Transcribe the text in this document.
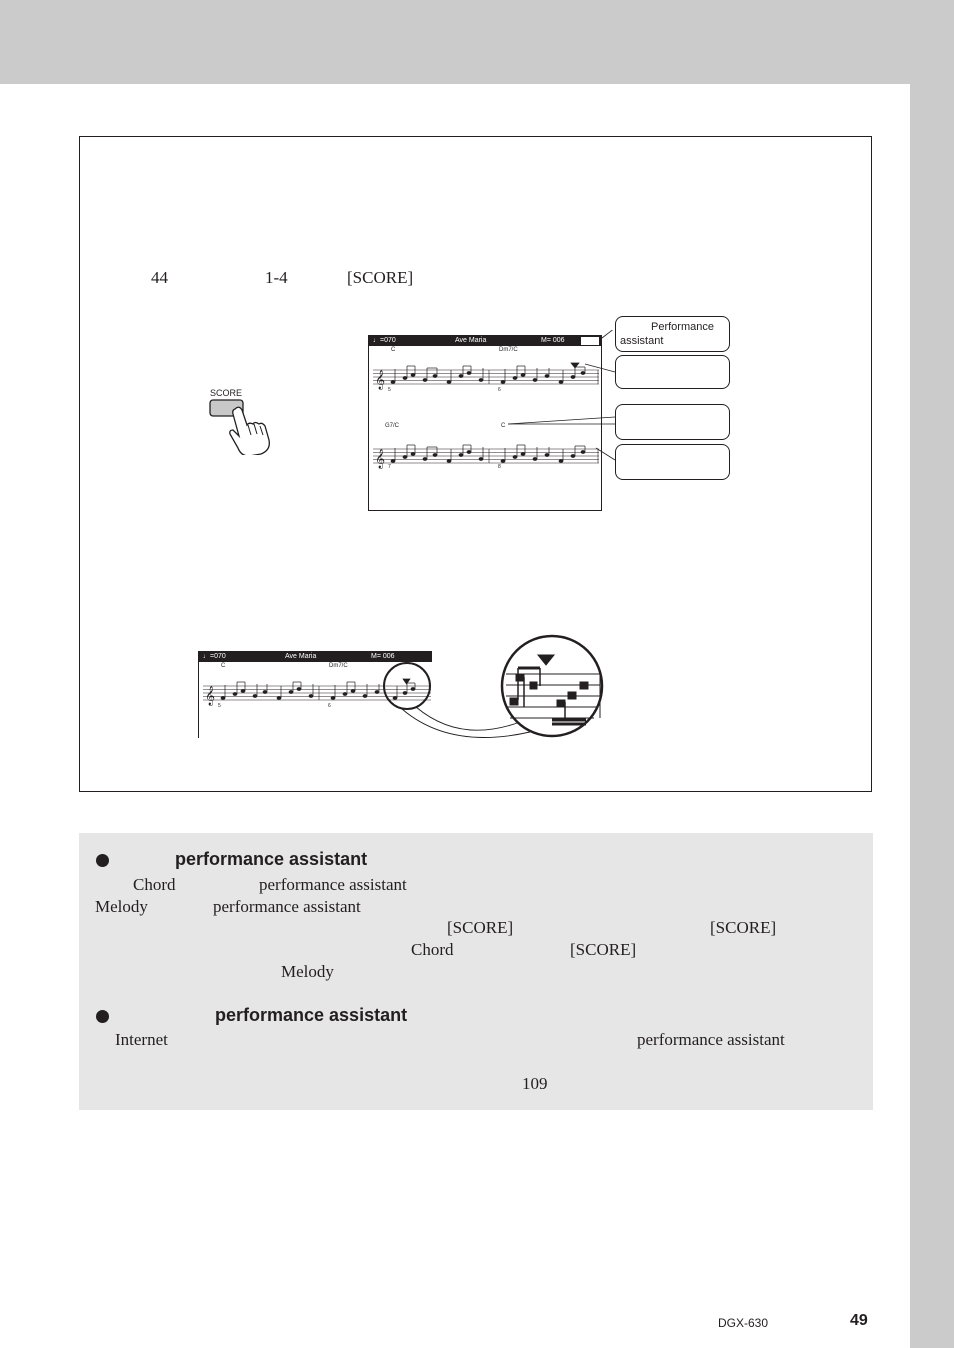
44	1-4	[SCORE]
SCORE
♩=070	Ave Maria	M= 006
C	Dm7/C
G7/C	C
5	6
7	8
𝄞
𝄞
Performance
assistant
♩=070	Ave Maria	M= 006
C	Dm7/C
5	6
𝄞
performance assistant
Chord	performance assistant
Melody	performance assistant
[SCORE]	[SCORE]
Chord	[SCORE]
Melody
performance assistant
Internet	performance assistant
109
DGX-630	49
